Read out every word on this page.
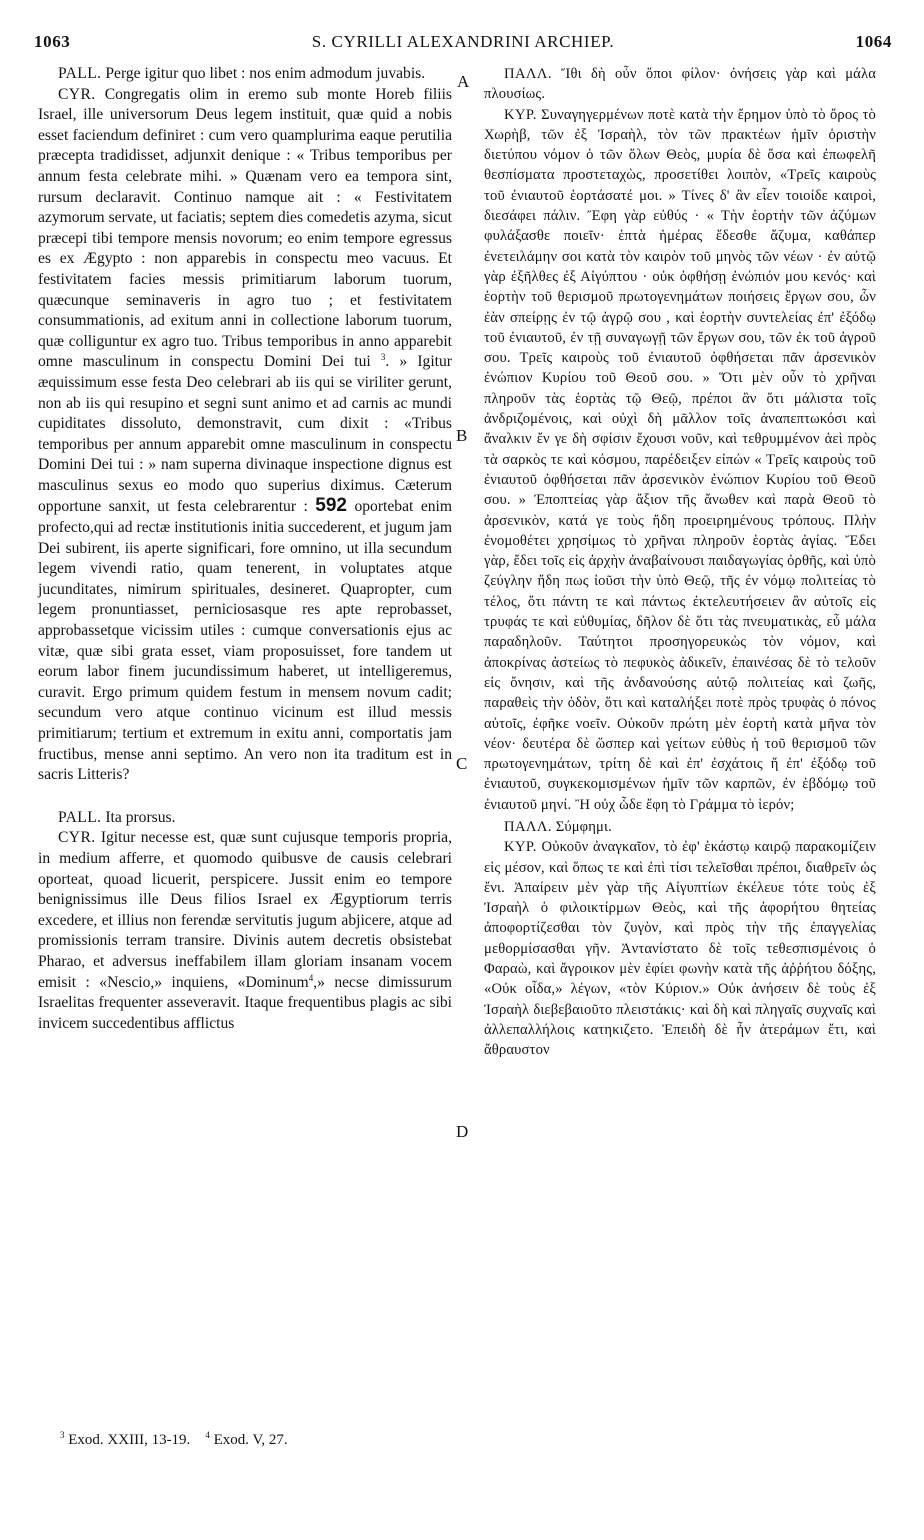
1063	S. CYRILLI ALEXANDRINI ARCHIEP.	1064

PALL. Perge igitur quo libet : nos enim admodum juvabis.

CYR. Congregatis olim in eremo sub monte Horeb filiis Israel, ille universorum Deus legem instituit, quæ quid a nobis esset faciendum definiret : cum vero quamplurima eaque perutilia præcepta tradidisset, adjunxit denique : « Tribus temporibus per annum festa celebrate mihi. » Quænam vero ea tempora sint, rursum declaravit. Continuo namque ait : « Festivitatem azymorum servate, ut faciatis; septem dies comedetis azyma, sicut præcepi tibi tempore mensis novorum; eo enim tempore egressus es ex Ægypto : non apparebis in conspectu meo vacuus. Et festivitatem facies messis primitiarum laborum tuorum, quæcunque seminaveris in agro tuo ; et festivitatem consummationis, ad exitum anni in collectione laborum tuorum, quæ colliguntur ex agro tuo. Tribus temporibus in anno apparebit omne masculinum in conspectu Domini Dei tui $^3$. » Igitur æquissimum esse festa Deo celebrari ab iis qui se viriliter gerunt, non ab iis qui resupino et segni sunt animo et ad carnis ac mundi cupiditates dissoluto, demonstravit, cum dixit : «Tribus temporibus per annum apparebit omne masculinum in conspectu Domini Dei tui : » nam superna divinaque inspectione dignus est masculinus sexus eo modo quo superius diximus. Cæterum opportune sanxit, ut festa celebrarentur : 592 oportebat enim profecto,qui ad rectæ institutionis initia succederent, et jugum jam Dei subirent, iis aperte significari, fore omnino, ut illa secundum legem vivendi ratio, quam tenerent, in voluptates atque jucunditates, nimirum spirituales, desineret. Quapropter, cum legem pronuntiasset, perniciosasque res apte reprobasset, approbassetque vicissim utiles : cumque conversationis ejus ac vitæ, quæ sibi grata esset, viam proposuisset, fore tandem ut eorum labor finem jucundissimum haberet, ut intelligeremus, curavit. Ergo primum quidem festum in mensem novum cadit; secundum vero atque continuo vicinum est illud messis primitiarum; tertium et extremum in exitu anni, comportatis jam fructibus, mense anni septimo. An vero non ita traditum est in sacris Litteris?

PALL. Ita prorsus.

CYR. Igitur necesse est, quæ sunt cujusque temporis propria, in medium afferre, et quomodo quibusve de causis celebrari oporteat, quoad licuerit, perspicere. Jussit enim eo tempore benignissimus ille Deus filios Israel ex Ægyptiorum terris excedere, et illius non ferendæ servitutis jugum abjicere, atque ad promissionis terram transire. Divinis autem decretis obsistebat Pharao, et adversus ineffabilem illam gloriam insanam vocem emisit : «Nescio,» inquiens, «Dominum$^4$,» necse dimissurum Israelitas frequenter asseveravit. Itaque frequentibus plagis ac sibi invicem succedentibus afflictus

A
B
C
D

ΠΑΛΛ. Ἴθι δὴ οὖν ὅποι φίλον· ὀνήσεις γὰρ καὶ μάλα πλουσίως.

ΚΥΡ. Συναγηγερμένων ποτὲ κατὰ τὴν ἔρημον ὑπὸ τὸ ὄρος τὸ Χωρὴβ, τῶν ἐξ Ἰσραὴλ, τὸν τῶν πρακτέων ἡμῖν ὁριστὴν διετύπου νόμον ὁ τῶν ὅλων Θεὸς, μυρία δὲ ὅσα καὶ ἐπωφελῆ θεσπίσματα προστεταχὼς, προσετίθει λοιπὸν, «Τρεῖς καιροὺς τοῦ ἐνιαυτοῦ ἑορτάσατέ μοι. » Τίνες δ' ἂν εἶεν τοιοίδε καιροὶ, διεσάφει πάλιν. Ἔφη γὰρ εὐθύς · « Τὴν ἑορτὴν τῶν ἀζύμων φυλάξασθε ποιεῖν· ἑπτὰ ἡμέρας ἔδεσθε ἄζυμα, καθάπερ ἐνετειλάμην σοι κατὰ τὸν καιρὸν τοῦ μηνὸς τῶν νέων · ἐν αὐτῷ γὰρ ἐξῆλθες ἐξ Αἰγύπτου · οὐκ ὀφθήσῃ ἐνώπιόν μου κενός· καὶ ἑορτὴν τοῦ θερισμοῦ πρωτογενημάτων ποιήσεις ἔργων σου, ὧν ἐὰν σπείρῃς ἐν τῷ ἀγρῷ σου , καὶ ἑορτὴν συντελείας ἐπ' ἐξόδῳ τοῦ ἐνιαυτοῦ, ἐν τῇ συναγωγῇ τῶν ἔργων σου, τῶν ἐκ τοῦ ἀγροῦ σου. Τρεῖς καιροὺς τοῦ ἐνιαυτοῦ ὀφθήσεται πᾶν ἀρσενικὸν ἐνώπιον Κυρίου τοῦ Θεοῦ σου. » Ὅτι μὲν οὖν τὸ χρῆναι πληροῦν τὰς ἑορτὰς τῷ Θεῷ, πρέποι ἂν ὅτι μάλιστα τοῖς ἀνδριζομένοις, καὶ οὐχὶ δὴ μᾶλλον τοῖς ἀναπεπτωκόσι καὶ ἄναλκιν ἔν γε δὴ σφίσιν ἔχουσι νοῦν, καὶ τεθρυμμένον ἀεὶ πρὸς τὰ σαρκὸς τε καὶ κόσμου, παρέδειξεν εἰπών « Τρεῖς καιροὺς τοῦ ἐνιαυτοῦ ὀφθήσεται πᾶν ἀρσενικὸν ἐνώπιον Κυρίου τοῦ Θεοῦ σου. » Ἐποπτείας γὰρ ἄξιον τῆς ἄνωθεν καὶ παρὰ Θεοῦ τὸ ἀρσενικὸν, κατά γε τοὺς ἤδη προειρημένους τρόπους. Πλὴν ἐνομοθέτει χρησίμως τὸ χρῆναι πληροῦν ἑορτὰς ἁγίας. Ἔδει γὰρ, ἔδει τοῖς εἰς ἀρχὴν ἀναβαίνουσι παιδαγωγίας ὀρθῆς, καὶ ὑπὸ ζεύγλην ἤδη πως ἰοῦσι τὴν ὑπὸ Θεῷ, τῆς ἐν νόμῳ πολιτείας τὸ τέλος, ὅτι πάντη τε καὶ πάντως ἐκτελευτήσειεν ἂν αὐτοῖς εἰς τρυφάς τε καὶ εὐθυμίας, δῆλον δὲ ὅτι τὰς πνευματικὰς, εὖ μάλα παραδηλοῦν. Ταύτητοι προσηγορευκὼς τὸν νόμον, καὶ ἀποκρίνας ἀστείως τὸ πεφυκὸς ἀδικεῖν, ἐπαινέσας δὲ τὸ τελοῦν εἰς ὄνησιν, καὶ τῆς ἀνδανούσης αὐτῷ πολιτείας καὶ ζωῆς, παραθεὶς τὴν ὁδὸν, ὅτι καὶ καταλήξει ποτὲ πρὸς τρυφὰς ὁ πόνος αὐτοῖς, ἐφῆκε νοεῖν. Οὐκοῦν πρώτη μὲν ἑορτὴ κατὰ μῆνα τὸν νέον· δευτέρα δὲ ὥσπερ καὶ γείτων εὐθὺς ἡ τοῦ θερισμοῦ τῶν πρωτογενημάτων, τρίτη δὲ καὶ ἐπ' ἐσχάτοις ἤ ἐπ' ἐξόδῳ τοῦ ἐνιαυτοῦ, συγκεκομισμένων ἡμῖν τῶν καρπῶν, ἐν ἑβδόμῳ τοῦ ἐνιαυτοῦ μηνί. Ἢ οὐχ ὧδε ἔφη τὸ Γράμμα τὸ ἱερόν;

ΠΑΛΛ. Σύμφημι.

ΚΥΡ. Οὐκοῦν ἀναγκαῖον, τὸ ἐφ' ἑκάστῳ καιρῷ παρακομίζειν εἰς μέσον, καὶ ὅπως τε καὶ ἐπὶ τίσι τελεῖσθαι πρέποι, διαθρεῖν ὡς ἔνι. Ἀπαίρειν μὲν γὰρ τῆς Αἰγυπτίων ἐκέλευε τότε τοὺς ἐξ Ἰσραὴλ ὁ φιλοικτίρμων Θεὸς, καὶ τῆς ἀφορήτου θητείας ἀποφορτίζεσθαι τὸν ζυγὸν, καὶ πρὸς τὴν τῆς ἐπαγγελίας μεθορμίσασθαι γῆν. Ἀντανίστατο δὲ τοῖς τεθεσπισμένοις ὁ Φαραὼ, καὶ ἄγροικον μὲν ἐφίει φωνὴν κατὰ τῆς ἀῤῥήτου δόξης, «Οὐκ οἶδα,» λέγων, «τὸν Κύριον.» Οὐκ ἀνήσειν δὲ τοὺς ἐξ Ἰσραὴλ διεβεβαιοῦτο πλειστάκις· καὶ δὴ καὶ πληγαῖς συχναῖς καὶ ἀλλεπαλλήλοις κατηκιζετο. Ἐπειδὴ δὲ ἦν ἀτεράμων ἔτι, καὶ ἄθραυστον

$^3$ Exod. XXIII, 13-19. $^4$ Exod. V, 27.
